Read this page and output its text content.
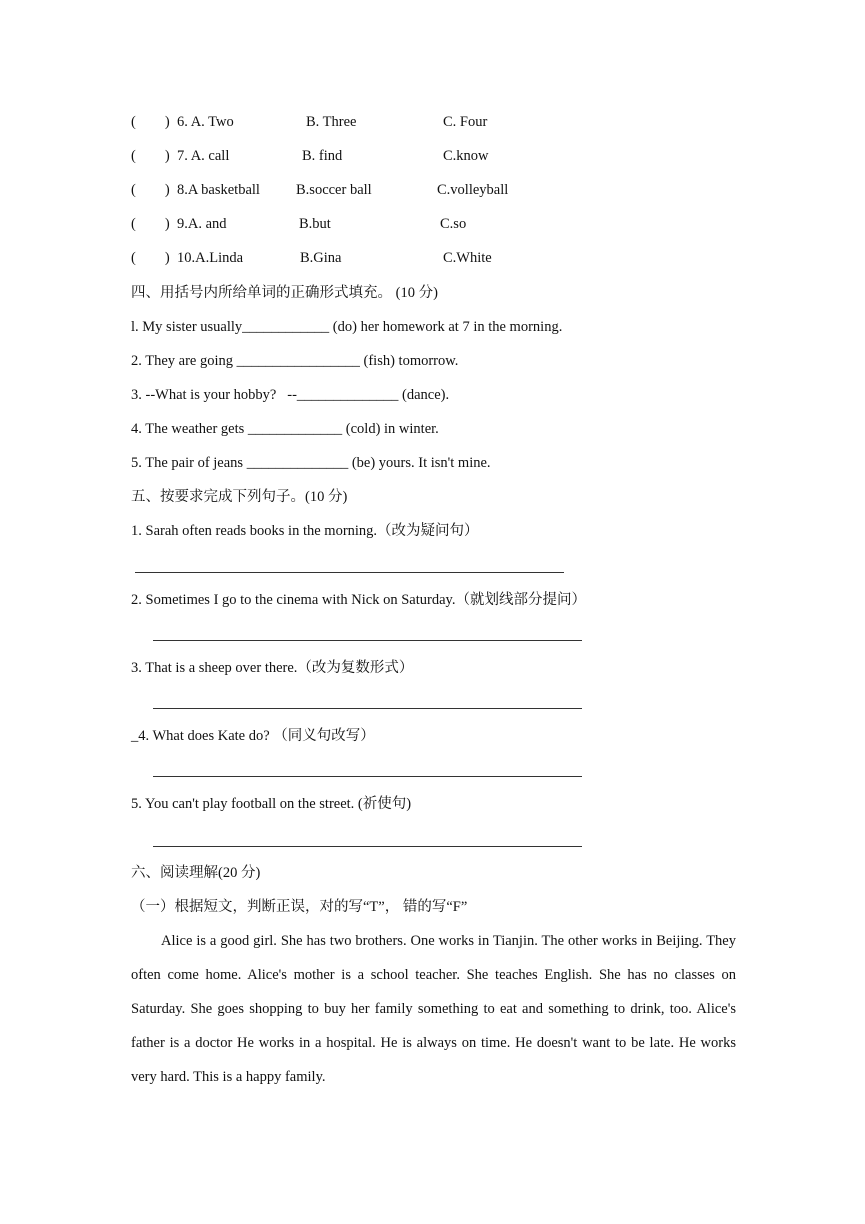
(　　) 6. A. Two	B. Three	C. Four
(　　) 7. A. call	B. find	C.know
(　　) 8.A basketball B.soccer ball	C.volleyball
(　　) 9.A. and	B.but	C.so
(　　) 10.A.Linda	B.Gina	C.White
四、用括号内所给单词的正确形式填充。 (10 分)
l. My sister usually____________ (do) her homework at 7 in the morning.
2. They are going _________________ (fish) tomorrow.
3. --What is your hobby?   --______________ (dance).
4. The weather gets _____________ (cold) in winter.
5. The pair of jeans ______________ (be) yours. It isn't mine.
五、按要求完成下列句子。(10 分)
1. Sarah often reads books in the morning.（改为疑问句）
2. Sometimes I go to the cinema with Nick on Saturday.（就划线部分提问）
3. That is a sheep over there.（改为复数形式）
_4. What does Kate do? （同义句改写）
5. You can't play football on the street. (祈使句)
六、阅读理解(20 分)
（一）根据短文，判断正误，对的写“T”， 错的写“F”
Alice is a good girl. She has two brothers. One works in Tianjin. The other works in Beijing. They often come home. Alice's mother is a school teacher. She teaches English. She has no classes on Saturday. She goes shopping to buy her family something to eat and something to drink, too. Alice's father is a doctor He works in a hospital. He is always on time. He doesn't want to be late. He works very hard. This is a happy family.
